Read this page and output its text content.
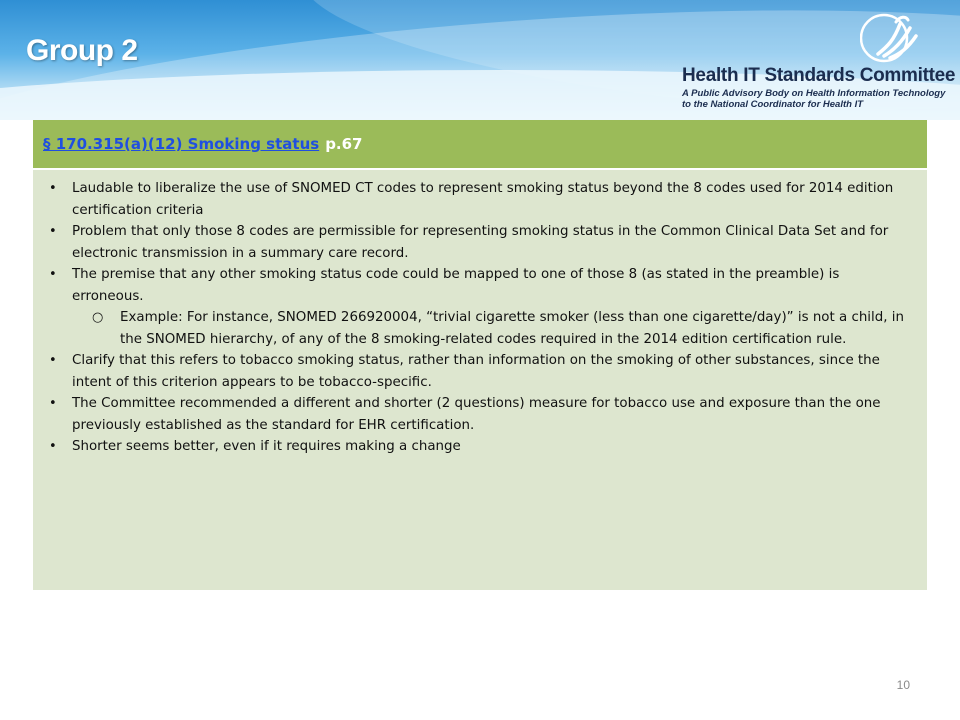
Group 2
Health IT Standards Committee
A Public Advisory Body on Health Information Technology
to the National Coordinator for Health IT
§ 170.315(a)(12) Smoking status p.67
• Laudable to liberalize the use of SNOMED CT codes to represent smoking status beyond the 8 codes used for 2014 edition certification criteria
• Problem that only those 8 codes are permissible for representing smoking status in the Common Clinical Data Set and for electronic transmission in a summary care record.
• The premise that any other smoking status code could be mapped to one of those 8 (as stated in the preamble) is erroneous.
○ Example: For instance, SNOMED 266920004, “trivial cigarette smoker (less than one cigarette/day)” is not a child, in the SNOMED hierarchy, of any of the 8 smoking-related codes required in the 2014 edition certification rule.
• Clarify that this refers to tobacco smoking status, rather than information on the smoking of other substances, since the intent of this criterion appears to be tobacco-specific.
• The Committee recommended a different and shorter (2 questions) measure for tobacco use and exposure than the one previously established as the standard for EHR certification.
• Shorter seems better, even if it requires making a change
10
